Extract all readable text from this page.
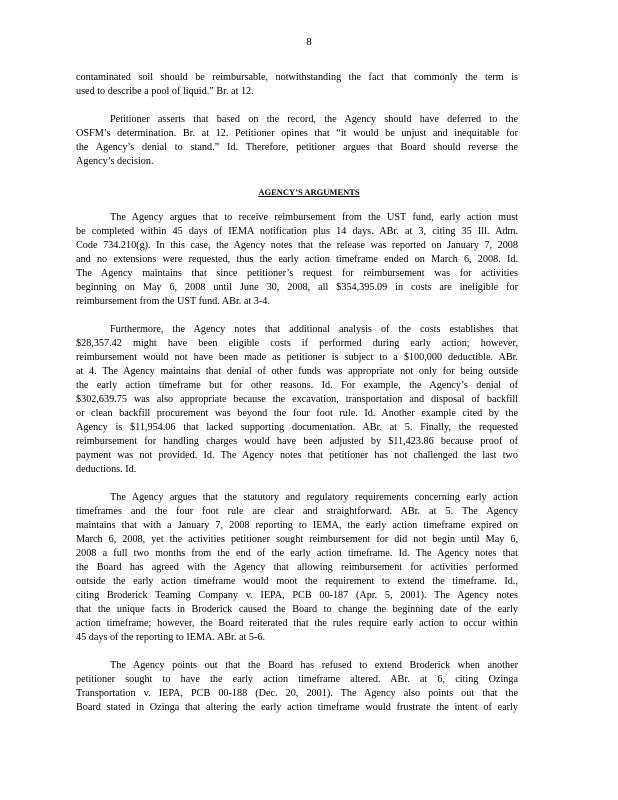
8
contaminated soil should be reimbursable, notwithstanding the fact that commonly the term is
used to describe a pool of liquid.” Br. at 12.
Petitioner asserts that based on the record, the Agency should have deferred to the
OSFM’s determination. Br. at 12. Petitioner opines that “it would be unjust and inequitable for
the Agency’s denial to stand.” Id. Therefore, petitioner argues that Board should reverse the
Agency’s decision.
AGENCY’S ARGUMENTS
The Agency argues that to receive reimbursement from the UST fund, early action must
be completed within 45 days of IEMA notification plus 14 days. ABr. at 3, citing 35 Ill. Adm.
Code 734.210(g). In this case, the Agency notes that the release was reported on January 7, 2008
and no extensions were requested, thus the early action timeframe ended on March 6, 2008. Id.
The Agency maintains that since petitioner’s request for reimbursement was for activities
beginning on May 6, 2008 until June 30, 2008, all $354,395.09 in costs are ineligible for
reimbursement from the UST fund. ABr. at 3-4.
Furthermore, the Agency notes that additional analysis of the costs establishes that
$28,357.42 might have been eligible costs if performed during early action; however,
reimbursement would not have been made as petitioner is subject to a $100,000 deductible. ABr.
at 4. The Agency maintains that denial of other funds was appropriate not only for being outside
the early action timeframe but for other reasons. Id. For example, the Agency’s denial of
$302,639.75 was also appropriate because the excavation, transportation and disposal of backfill
or clean backfill procurement was beyond the four foot rule. Id. Another example cited by the
Agency is $11,954.06 that lacked supporting documentation. ABr. at 5. Finally, the requested
reimbursement for handling charges would have been adjusted by $11,423.86 because proof of
payment was not provided. Id. The Agency notes that petitioner has not challenged the last two
deductions. Id.
The Agency argues that the statutory and regulatory requirements concerning early action
timeframes and the four foot rule are clear and straightforward. ABr. at 5. The Agency
maintains that with a January 7, 2008 reporting to IEMA, the early action timeframe expired on
March 6, 2008, yet the activities petitioner sought reimbursement for did not begin until May 6,
2008 a full two months from the end of the early action timeframe. Id. The Agency notes that
the Board has agreed with the Agency that allowing reimbursement for activities performed
outside the early action timeframe would moot the requirement to extend the timeframe. Id.,
citing Broderick Teaming Company v. IEPA, PCB 00-187 (Apr. 5, 2001). The Agency notes
that the unique facts in Broderick caused the Board to change the beginning date of the early
action timeframe; however, the Board reiterated that the rules require early action to occur within
45 days of the reporting to IEMA. ABr. at 5-6.
The Agency points out that the Board has refused to extend Broderick when another
petitioner sought to have the early action timeframe altered. ABr. at 6, citing Ozinga
Transportation v. IEPA, PCB 00-188 (Dec. 20, 2001). The Agency also points out that the
Board stated in Ozinga that altering the early action timeframe would frustrate the intent of early
